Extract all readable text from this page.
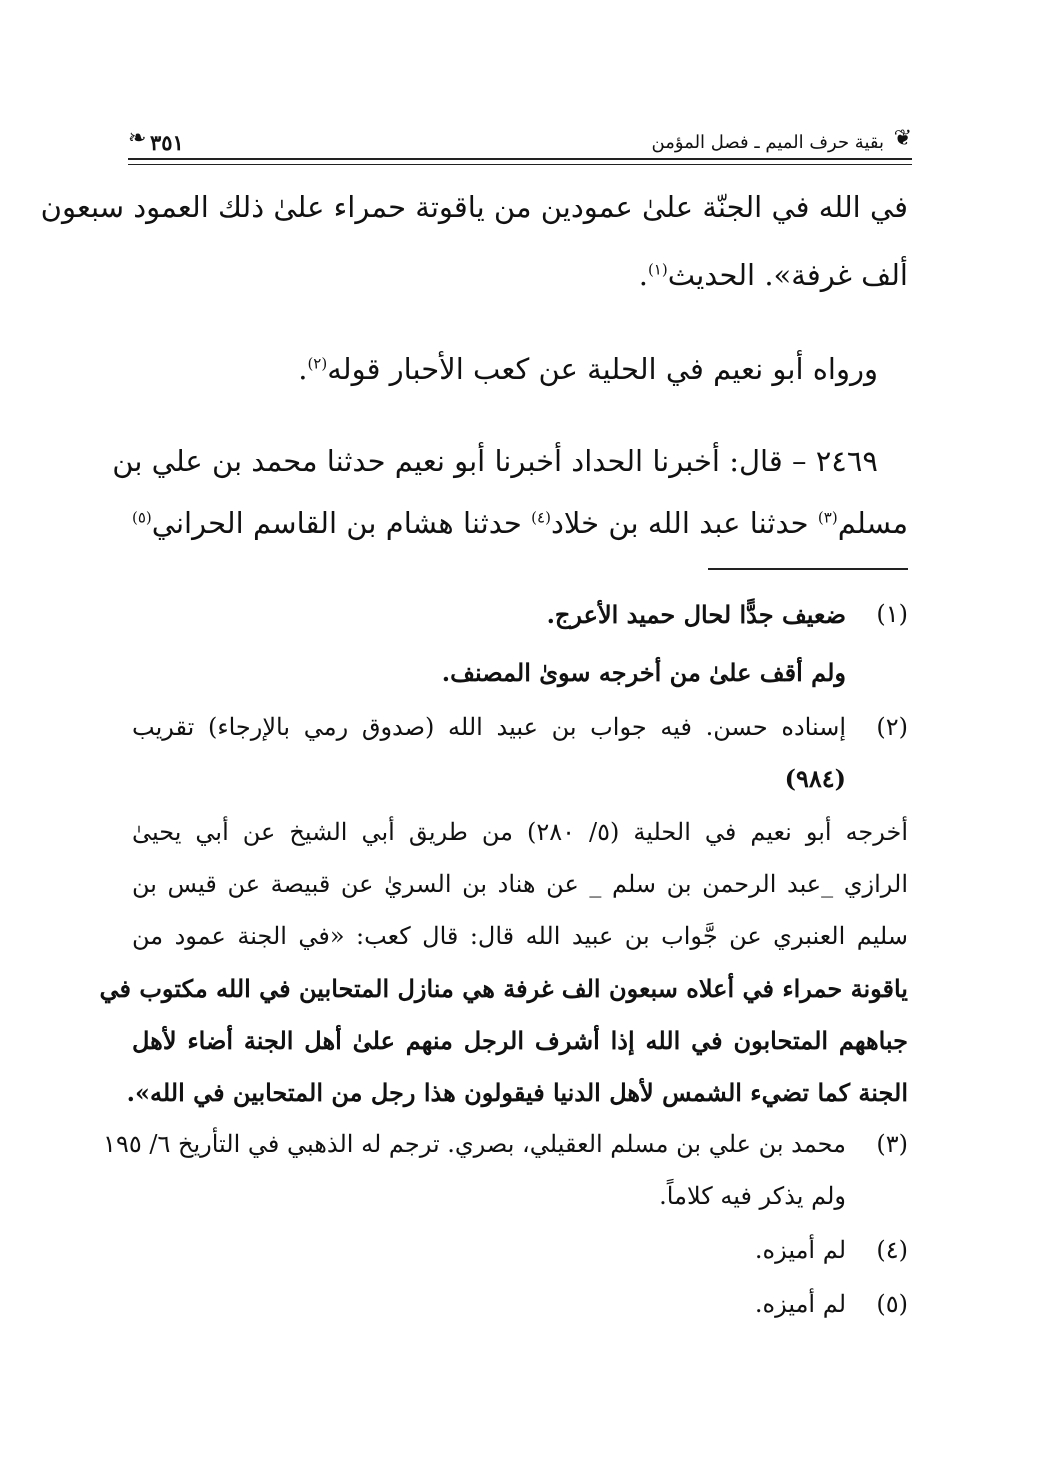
❦
بقية حرف الميم ـ فصل المؤمن
٣٥١
❧
في الله في الجنّة علىٰ عمودين من ياقوتة حمراء علىٰ ذلك العمود سبعون
ألف غرفة». الحديث$^{(١)}$.
ورواه أبو نعيم في الحلية عن كعب الأحبار قوله$^{(٢)}$.
٢٤٦٩ – قال: أخبرنا الحداد أخبرنا أبو نعيم حدثنا محمد بن علي بن
مسلم$^{(٣)}$ حدثنا عبد الله بن خلاد$^{(٤)}$ حدثنا هشام بن القاسم الحراني$^{(٥)}$
(١)
ضعيف جدًّا لحال حميد الأعرج.
ولم أقف علىٰ من أخرجه سوىٰ المصنف.
(٢)
إسناده حسن. فيه جواب بن عبيد الله (صدوق رمي بالإرجاء) تقريب
(٩٨٤)
أخرجه أبو نعيم في الحلية (٥/ ٢٨٠) من طريق أبي الشيخ عن أبي يحيىٰ
الرازي _عبد الرحمن بن سلم _ عن هناد بن السريٰ عن قبيصة عن قيس بن
سليم العنبري عن جَّواب بن عبيد الله قال: قال كعب: «في الجنة عمود من
ياقونة حمراء في أعلاه سبعون الف غرفة هي منازل المتحابين في الله مكتوب في
جباههم المتحابون في الله إذا أشرف الرجل منهم علىٰ أهل الجنة أضاء لأهل
الجنة كما تضيء الشمس لأهل الدنيا فيقولون هذا رجل من المتحابين في الله».
(٣)
محمد بن علي بن مسلم العقيلي، بصري. ترجم له الذهبي في التأريخ ٦/ ١٩٥
ولم يذكر فيه كلاماً.
(٤)
لم أميزه.
(٥)
لم أميزه.
